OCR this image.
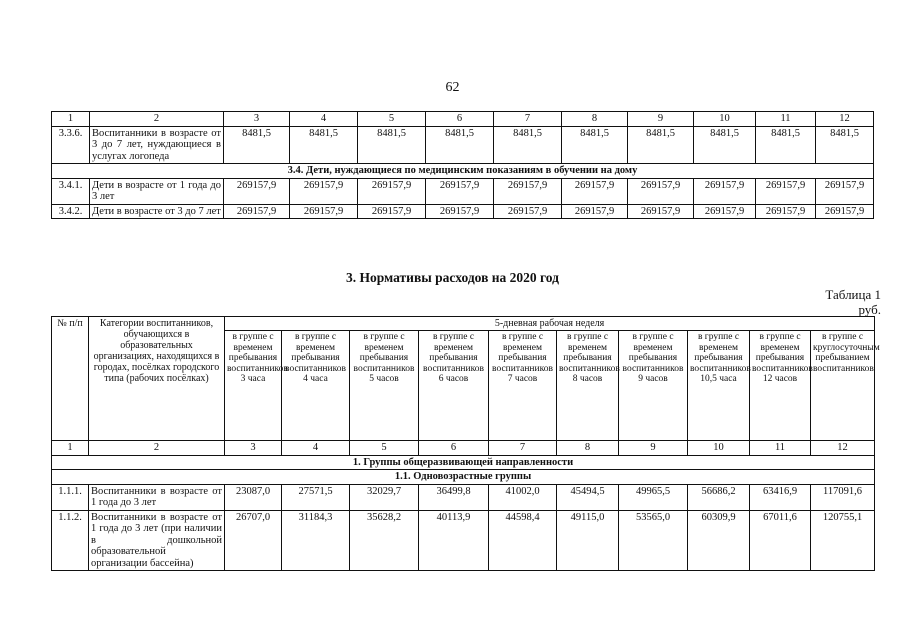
62
1	2	3	4	5	6	7	8	9	10	11	12
3.3.6.	Воспитанники в возрасте от 3 до 7 лет, нуждающиеся в услугах логопеда	8481,5	8481,5	8481,5	8481,5	8481,5	8481,5	8481,5	8481,5	8481,5	8481,5
3.4. Дети, нуждающиеся по медицинским показаниям в обучении на дому											
3.4.1.	Дети в возрасте от 1 года до 3 лет	269157,9	269157,9	269157,9	269157,9	269157,9	269157,9	269157,9	269157,9	269157,9	269157,9
3.4.2.	Дети в возрасте от 3 до 7 лет	269157,9	269157,9	269157,9	269157,9	269157,9	269157,9	269157,9	269157,9	269157,9	269157,9
3. Нормативы расходов на 2020 год
Таблица 1
руб.
№ п/п	Категории воспитанников, обучающихся в образовательных организациях, находящихся в городах, посёлках городского типа (рабочих посёлках)	5-дневная рабочая неделя									
		в группе с временем пребывания воспитанников 3 часа	в группе с временем пребывания воспитанников 4 часа	в группе с временем пребывания воспитанников 5 часов	в группе с временем пребывания воспитанников 6 часов	в группе с временем пребывания воспитанников 7 часов	в группе с временем пребывания воспитанников 8 часов	в группе с временем пребывания воспитанников 9 часов	в группе с временем пребывания воспитанников 10,5 часа	в группе с временем пребывания воспитанников 12 часов	в группе с круглосуточным пребыванием воспитанников
1	2	3	4	5	6	7	8	9	10	11	12
1. Группы общеразвивающей направленности											
1.1. Одновозрастные группы											
1.1.1.	Воспитанники в возрасте от 1 года до 3 лет	23087,0	27571,5	32029,7	36499,8	41002,0	45494,5	49965,5	56686,2	63416,9	117091,6
1.1.2.	Воспитанники в возрасте от 1 года до 3 лет (при наличии в дошкольной образовательной организации бассейна)	26707,0	31184,3	35628,2	40113,9	44598,4	49115,0	53565,0	60309,9	67011,6	120755,1
